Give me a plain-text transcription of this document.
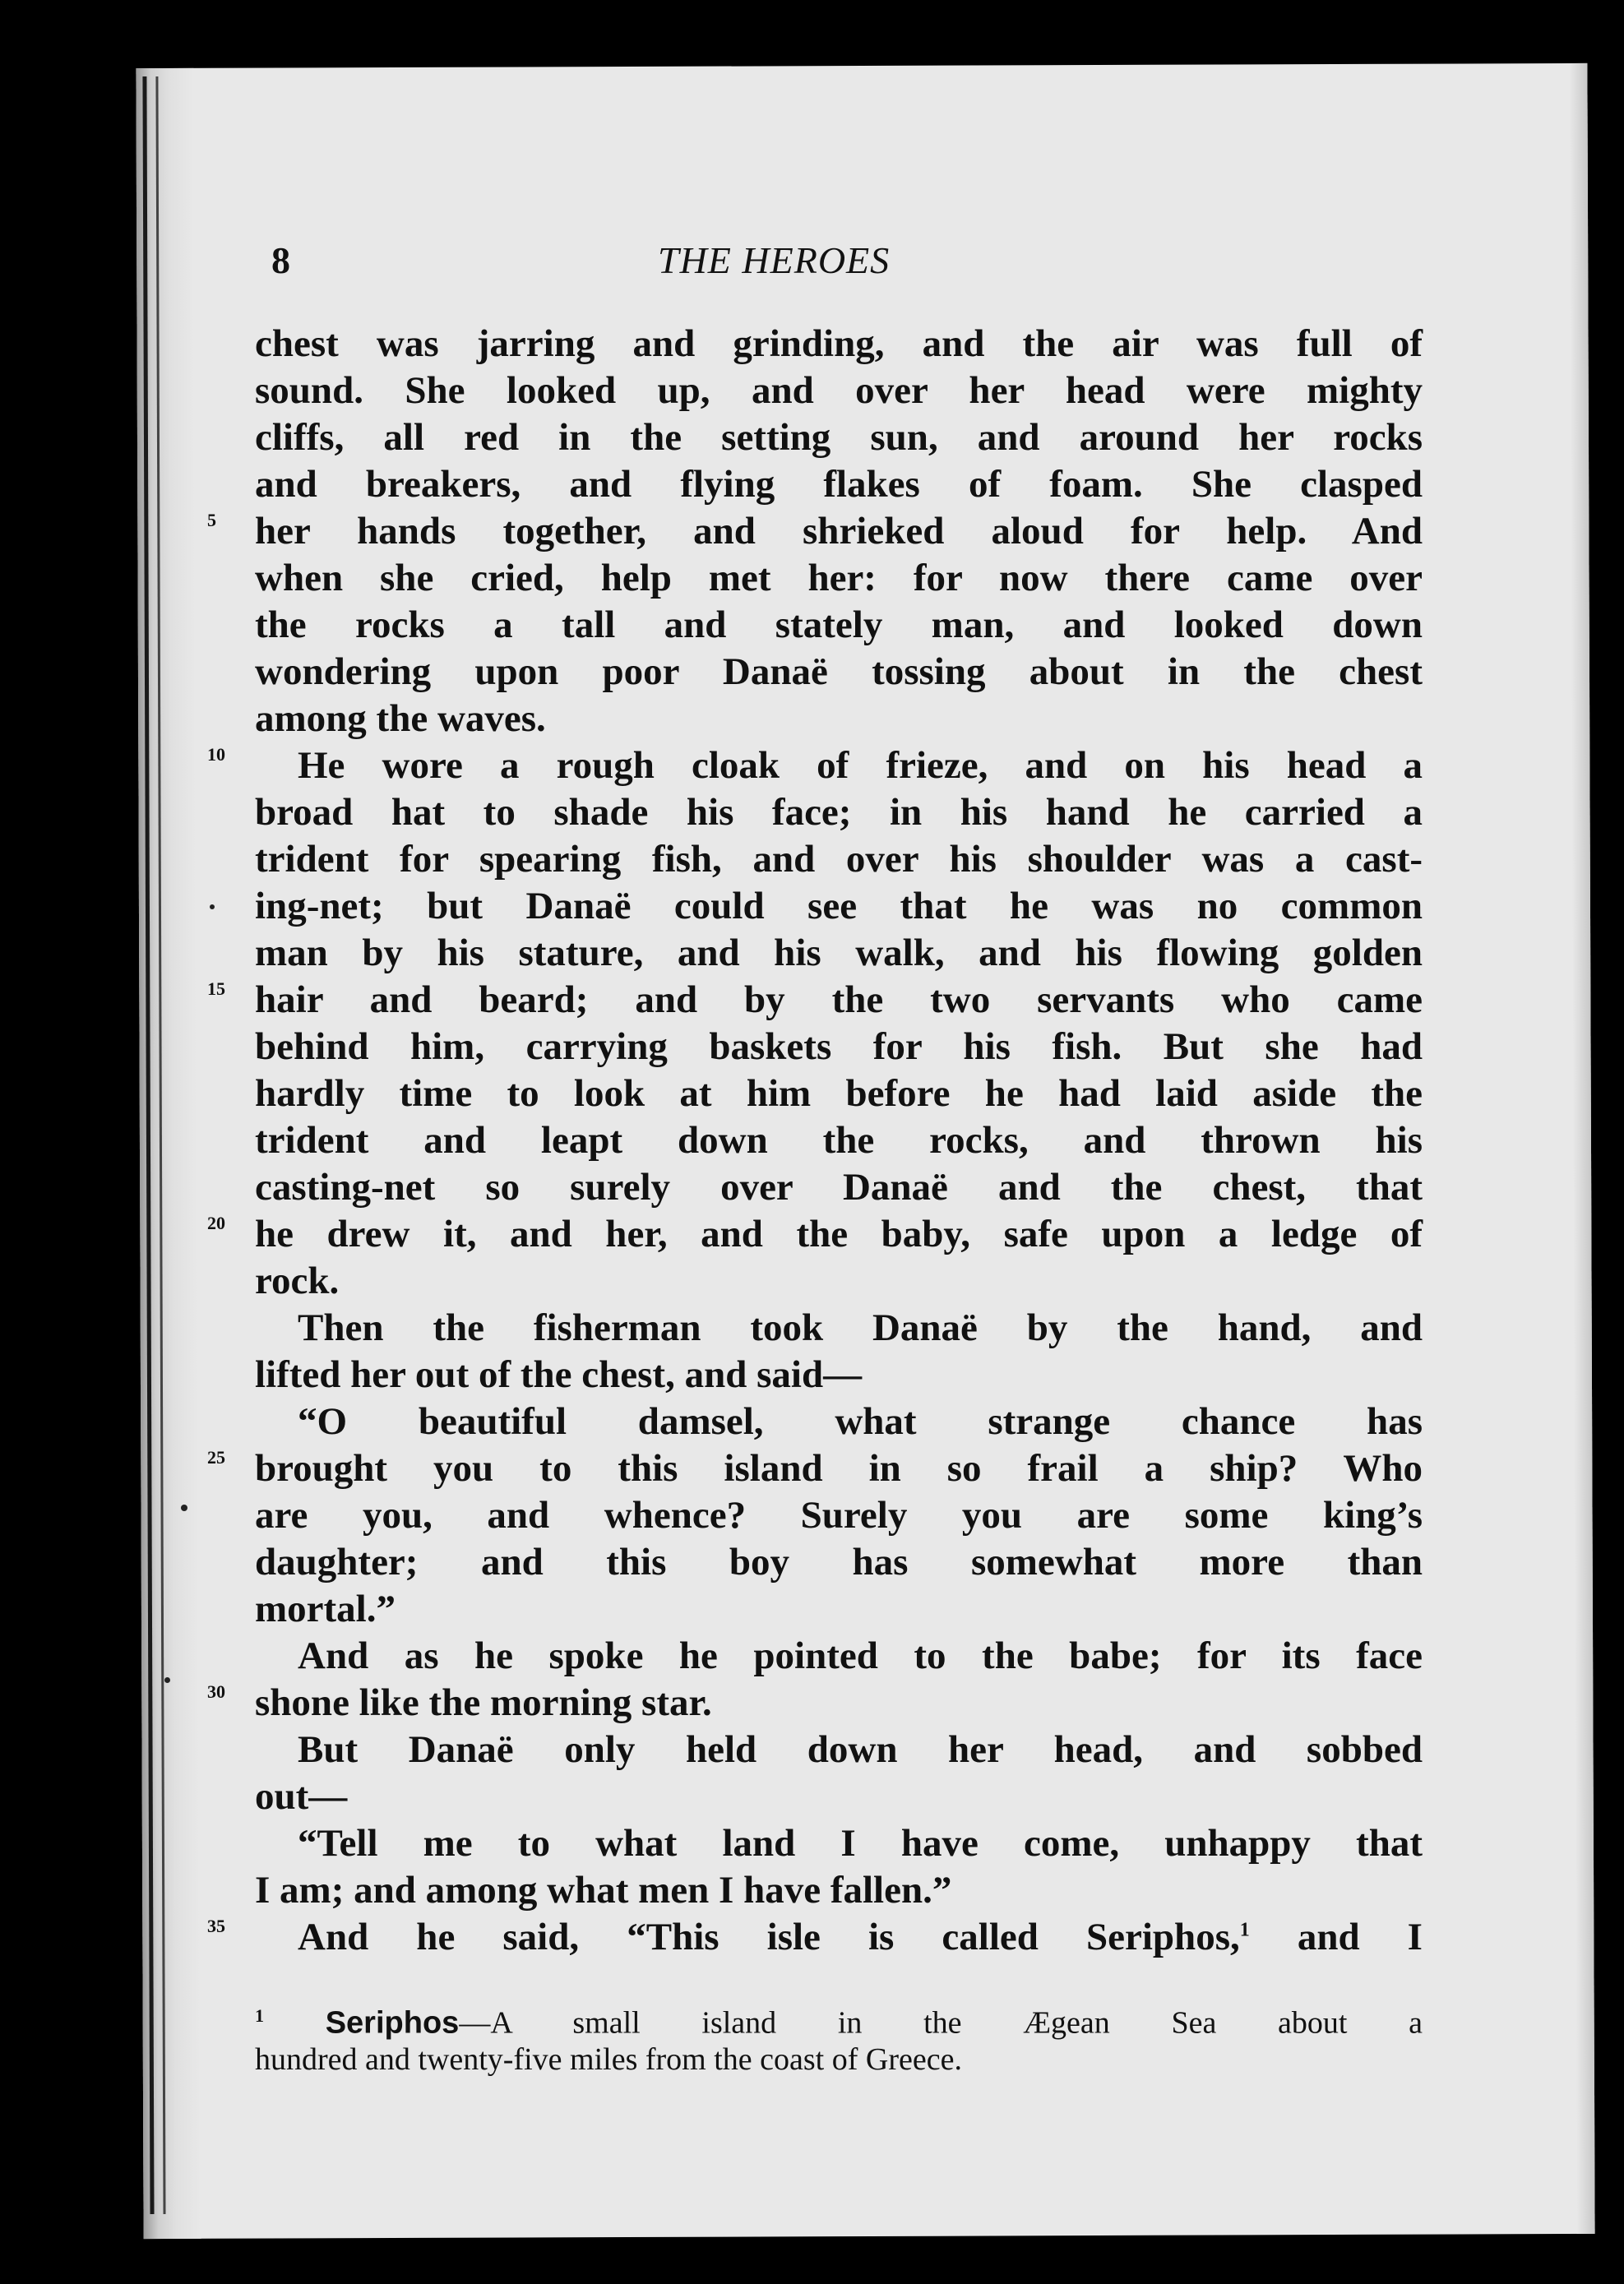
8	THE HEROES
chest was jarring and grinding, and the air was full of
sound. She looked up, and over her head were mighty
cliffs, all red in the setting sun, and around her rocks
and breakers, and flying flakes of foam. She clasped
5 her hands together, and shrieked aloud for help. And
when she cried, help met her: for now there came over
the rocks a tall and stately man, and looked down
wondering upon poor Danaë tossing about in the chest
among the waves.
10	He wore a rough cloak of frieze, and on his head a
broad hat to shade his face; in his hand he carried a
trident for spearing fish, and over his shoulder was a cast-
ing-net; but Danaë could see that he was no common
man by his stature, and his walk, and his flowing golden
15 hair and beard; and by the two servants who came
behind him, carrying baskets for his fish. But she had
hardly time to look at him before he had laid aside the
trident and leapt down the rocks, and thrown his
casting-net so surely over Danaë and the chest, that
20 he drew it, and her, and the baby, safe upon a ledge of
rock.
Then the fisherman took Danaë by the hand, and
lifted her out of the chest, and said—
“O beautiful damsel, what strange chance has
25 brought you to this island in so frail a ship? Who
are you, and whence? Surely you are some king’s
daughter; and this boy has somewhat more than
mortal.”
And as he spoke he pointed to the babe; for its face
30 shone like the morning star.
But Danaë only held down her head, and sobbed
out—
“Tell me to what land I have come, unhappy that
I am; and among what men I have fallen.”
35	And he said, “This isle is called Seriphos,$^1$ and I
$^1$ Seriphos—A small island in the Ægean Sea about a
hundred and twenty-five miles from the coast of Greece.
